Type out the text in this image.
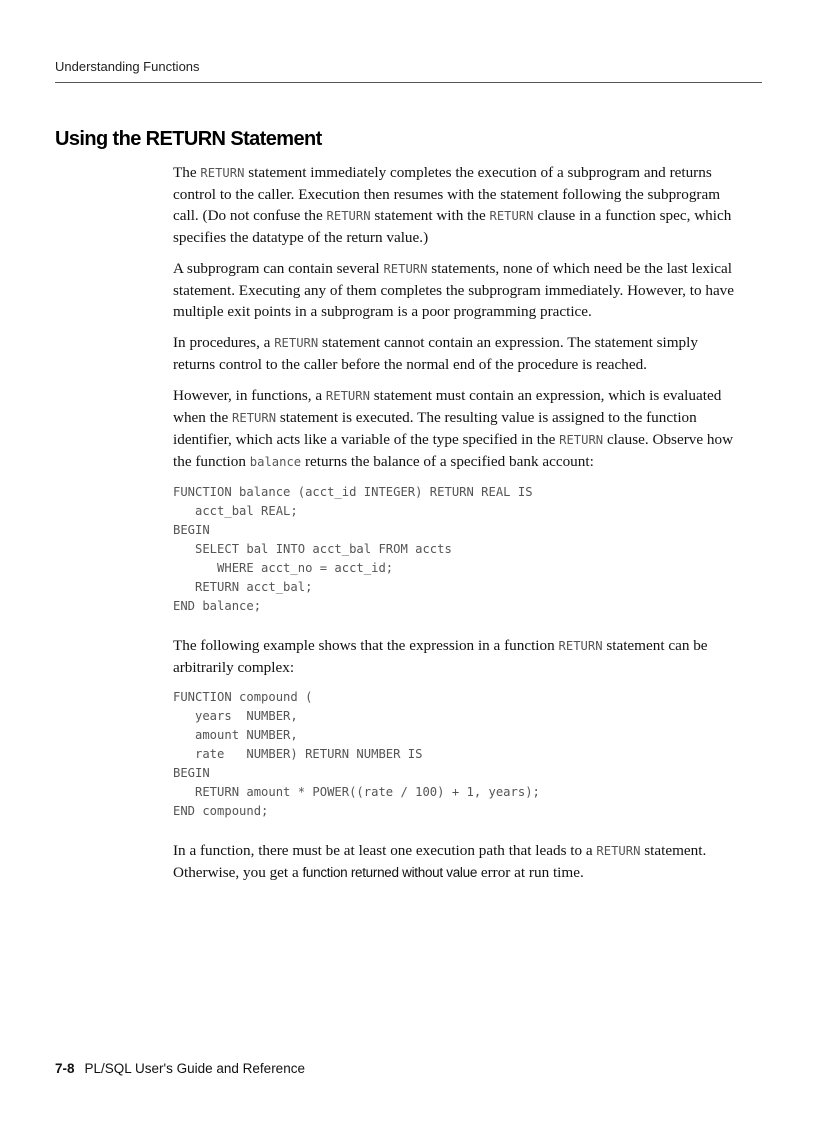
Understanding Functions
Using the RETURN Statement

The RETURN statement immediately completes the execution of a subprogram and returns control to the caller. Execution then resumes with the statement following the subprogram call. (Do not confuse the RETURN statement with the RETURN clause in a function spec, which specifies the datatype of the return value.)

A subprogram can contain several RETURN statements, none of which need be the last lexical statement. Executing any of them completes the subprogram immediately. However, to have multiple exit points in a subprogram is a poor programming practice.

In procedures, a RETURN statement cannot contain an expression. The statement simply returns control to the caller before the normal end of the procedure is reached.

However, in functions, a RETURN statement must contain an expression, which is evaluated when the RETURN statement is executed. The resulting value is assigned to the function identifier, which acts like a variable of the type specified in the RETURN clause. Observe how the function balance returns the balance of a specified bank account:

FUNCTION balance (acct_id INTEGER) RETURN REAL IS
acct_bal REAL;
BEGIN
SELECT bal INTO acct_bal FROM accts
WHERE acct_no = acct_id;
RETURN acct_bal;
END balance;

The following example shows that the expression in a function RETURN statement can be arbitrarily complex:

FUNCTION compound (
years  NUMBER,
amount NUMBER,
rate   NUMBER) RETURN NUMBER IS
BEGIN
RETURN amount * POWER((rate / 100) + 1, years);
END compound;

In a function, there must be at least one execution path that leads to a RETURN statement. Otherwise, you get a function returned without value error at run time.

7-8 PL/SQL User's Guide and Reference
